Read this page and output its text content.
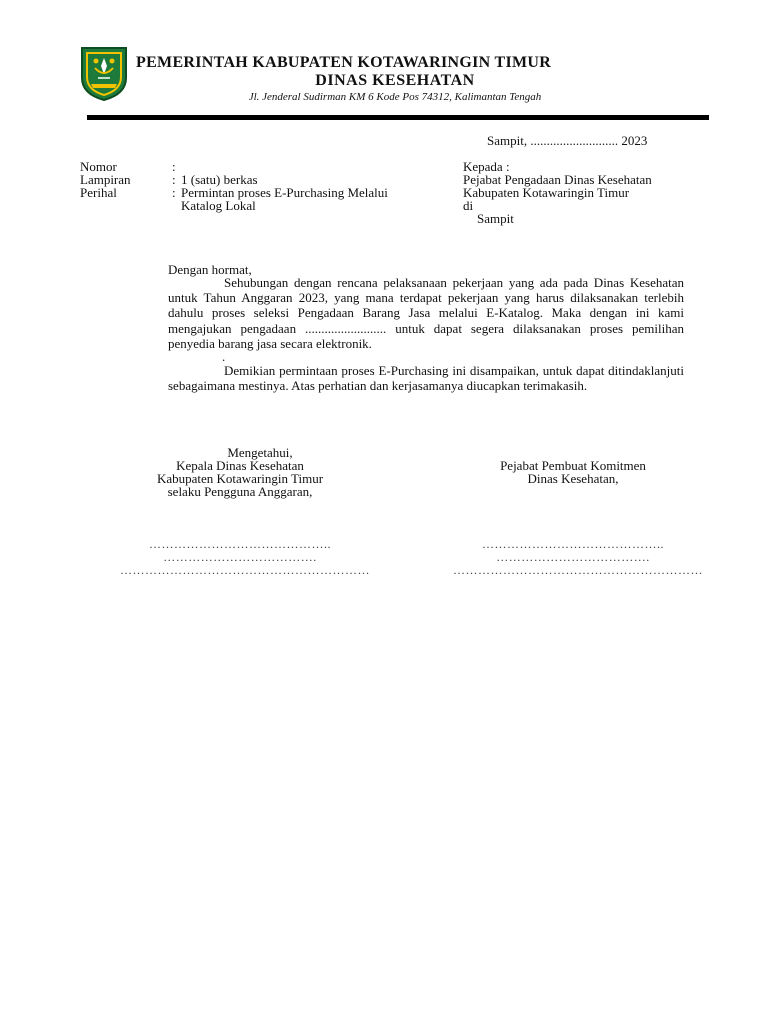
PEMERINTAH KABUPATEN KOTAWARINGIN TIMUR
DINAS KESEHATAN
Jl. Jenderal Sudirman KM 6 Kode Pos 74312, Kalimantan Tengah
Sampit, ........................... 2023
Nomor	:
Lampiran	: 1 (satu) berkas
Perihal	: Permintan proses E-Purchasing Melalui
Katalog Lokal
Kepada :
Pejabat Pengadaan Dinas Kesehatan
Kabupaten Kotawaringin Timur
di
Sampit
Dengan hormat,
Sehubungan dengan rencana pelaksanaan pekerjaan yang ada pada Dinas Kesehatan untuk Tahun Anggaran 2023, yang mana terdapat pekerjaan yang harus dilaksanakan terlebih dahulu proses seleksi Pengadaan Barang Jasa melalui E-Katalog. Maka dengan ini kami mengajukan pengadaan ......................... untuk dapat segera dilaksanakan proses pemilihan penyedia barang jasa secara elektronik.
.
Demikian permintaan proses E-Purchasing ini disampaikan, untuk dapat ditindaklanjuti sebagaimana mestinya. Atas perhatian dan kerjasamanya diucapkan terimakasih.
Mengetahui,
Kepala Dinas Kesehatan
Kabupaten Kotawaringin Timur
selaku Pengguna Anggaran,
……………………………………..
……………………………….
……………………………………………………
Pejabat Pembuat Komitmen
Dinas Kesehatan,
……………………………………..
……………………………….
……………………………………………………
